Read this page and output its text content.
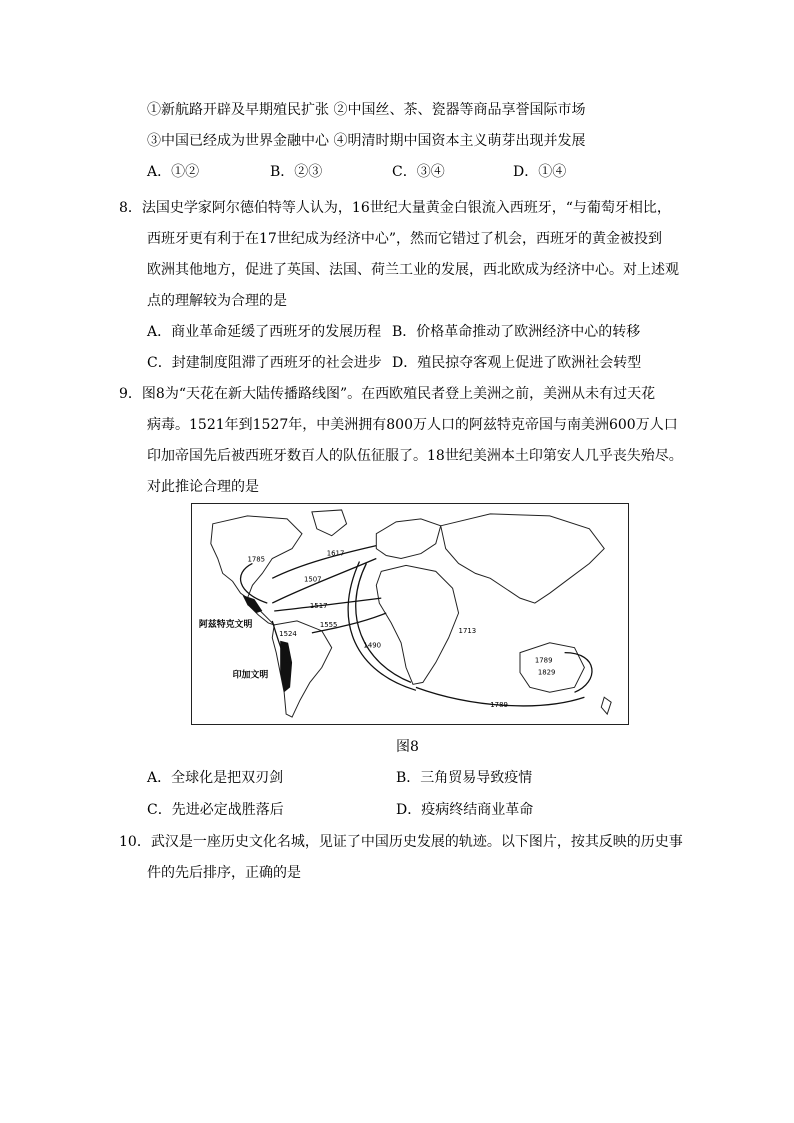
①新航路开辟及早期殖民扩张 ②中国丝、茶、瓷器等商品享誉国际市场
③中国已经成为世界金融中心 ④明清时期中国资本主义萌芽出现并发展
A．①②	B．②③	C．③④	D．①④
8．法国史学家阿尔德伯特等人认为，16世纪大量黄金白银流入西班牙，“与葡萄牙相比，
西班牙更有利于在17世纪成为经济中心”，然而它错过了机会，西班牙的黄金被投到
欧洲其他地方，促进了英国、法国、荷兰工业的发展，西北欧成为经济中心。对上述观
点的理解较为合理的是
A．商业革命延缓了西班牙的发展历程 B．价格革命推动了欧洲经济中心的转移
C．封建制度阻滞了西班牙的社会进步 D．殖民掠夺客观上促进了欧洲社会转型
9．图8为“天花在新大陆传播路线图”。在西欧殖民者登上美洲之前，美洲从未有过天花
病毒。1521年到1527年，中美洲拥有800万人口的阿兹特克帝国与南美洲600万人口
印加帝国先后被西班牙数百人的队伍征服了。18世纪美洲本土印第安人几乎丧失殆尽。
对此推论合理的是
1785
1617
1507
1517
1555
1524
1490
1713
1789
1829
1789
阿兹特克文明
印加文明
图8
A．全球化是把双刃剑	B．三角贸易导致疫情
C．先进必定战胜落后	D．疫病终结商业革命
10．武汉是一座历史文化名城，见证了中国历史发展的轨迹。以下图片，按其反映的历史事
件的先后排序，正确的是
